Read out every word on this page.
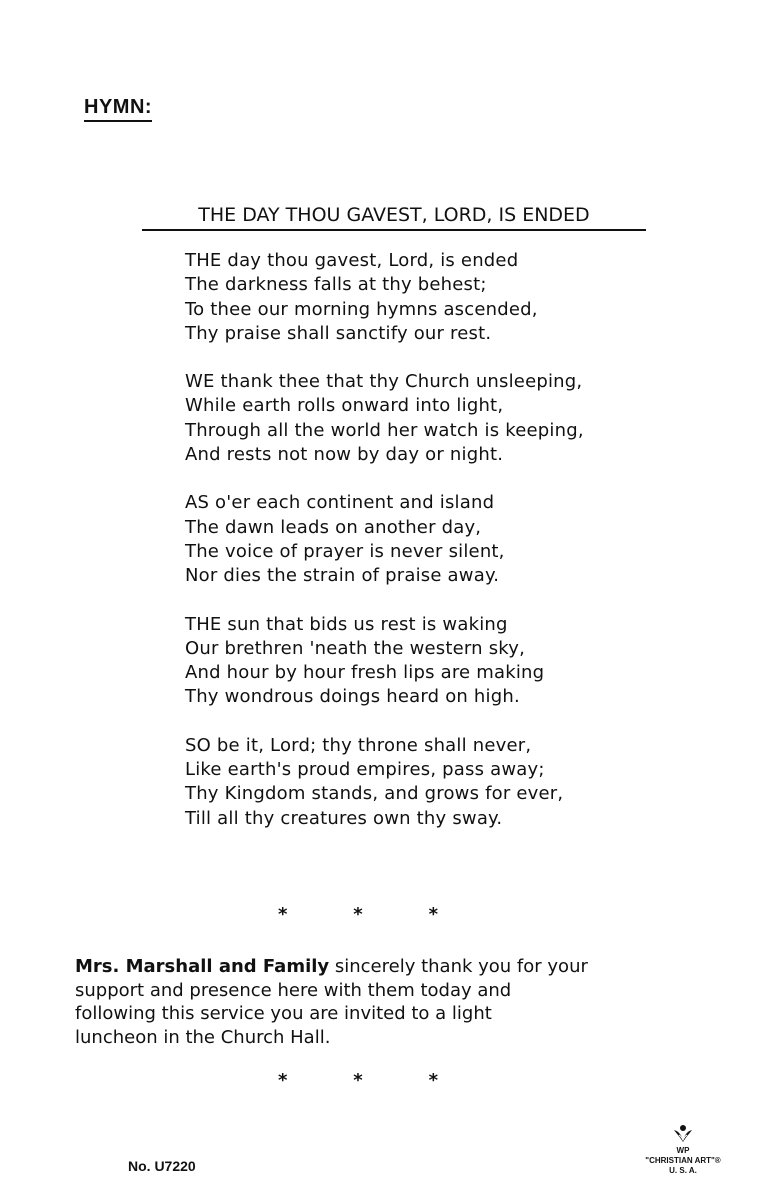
HYMN:
THE DAY THOU GAVEST, LORD, IS ENDED
THE day thou gavest, Lord, is ended
The darkness falls at thy behest;
To thee our morning hymns ascended,
Thy praise shall sanctify our rest.
WE thank thee that thy Church unsleeping,
While earth rolls onward into light,
Through all the world her watch is keeping,
And rests not now by day or night.
AS o'er each continent and island
The dawn leads on another day,
The voice of prayer is never silent,
Nor dies the strain of praise away.
THE sun that bids us rest is waking
Our brethren 'neath the western sky,
And hour by hour fresh lips are making
Thy wondrous doings heard on high.
SO be it, Lord; thy throne shall never,
Like earth's proud empires, pass away;
Thy Kingdom stands, and grows for ever,
Till all thy creatures own thy sway.
*	*	*
Mrs. Marshall and Family sincerely thank you for your
support and presence here with them today and
following this service you are invited to a light
luncheon in the Church Hall.
*	*	*
No. U7220
WP
"CHRISTIAN ART"®
U. S. A.
